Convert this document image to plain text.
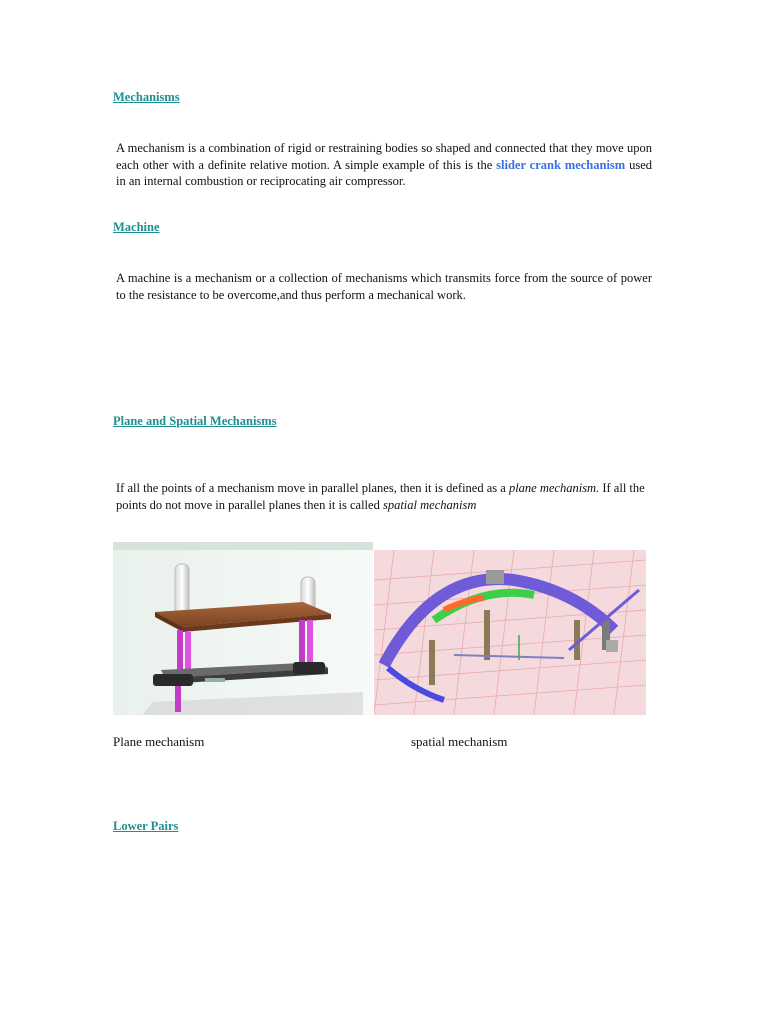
Mechanisms

A mechanism is a combination of rigid or restraining bodies so shaped and connected that they move upon each other with a definite relative motion. A simple example of this is the slider crank mechanism used in an internal combustion or reciprocating air compressor.

Machine

A machine is a mechanism or a collection of mechanisms which transmits force from the source of power to the resistance to be overcome,and thus perform a mechanical work.

Plane and Spatial Mechanisms

If all the points of a mechanism move in parallel planes, then it is defined as a plane mechanism. If all the points do not move in parallel planes then it is called spatial mechanism

Plane mechanism	spatial mechanism
Lower Pairs
